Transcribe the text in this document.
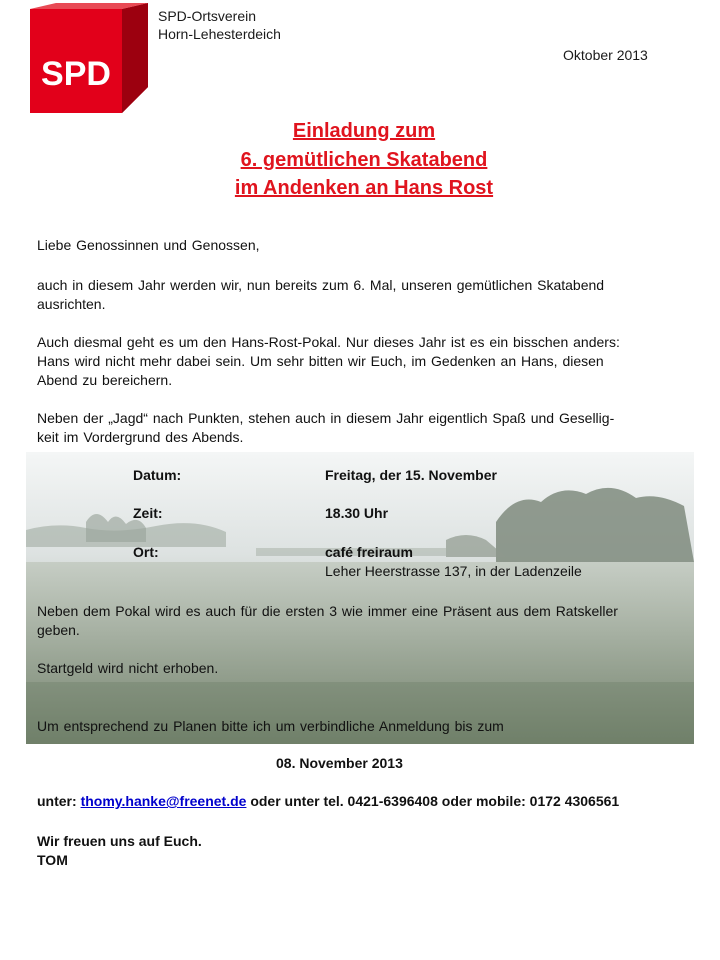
SPD
SPD-Ortsverein
Horn-Lehesterdeich
Oktober 2013
Einladung zum
6. gemütlichen Skatabend
im Andenken an Hans Rost
Liebe Genossinnen und Genossen,
auch in diesem Jahr werden wir, nun bereits zum 6. Mal, unseren gemütlichen Skatabend
ausrichten.
Auch diesmal geht es um den Hans-Rost-Pokal. Nur dieses Jahr ist es ein bisschen anders:
Hans wird nicht mehr dabei sein. Um sehr bitten wir Euch, im Gedenken an Hans, diesen
Abend zu bereichern.
Neben der „Jagd“ nach Punkten, stehen auch in diesem Jahr eigentlich Spaß und Gesellig-
keit im Vordergrund des Abends.
Datum:	Freitag, der 15. November
Zeit:	18.30 Uhr
Ort:	café freiraum
Leher Heerstrasse 137, in der Ladenzeile
Neben dem Pokal wird es auch für die ersten 3 wie immer eine Präsent aus dem Ratskeller
geben.
Startgeld wird nicht erhoben.
Um entsprechend zu Planen bitte ich um verbindliche Anmeldung bis zum
08. November 2013
unter: thomy.hanke@freenet.de oder unter tel. 0421-6396408 oder mobile: 0172 4306561
Wir freuen uns auf Euch.
TOM
